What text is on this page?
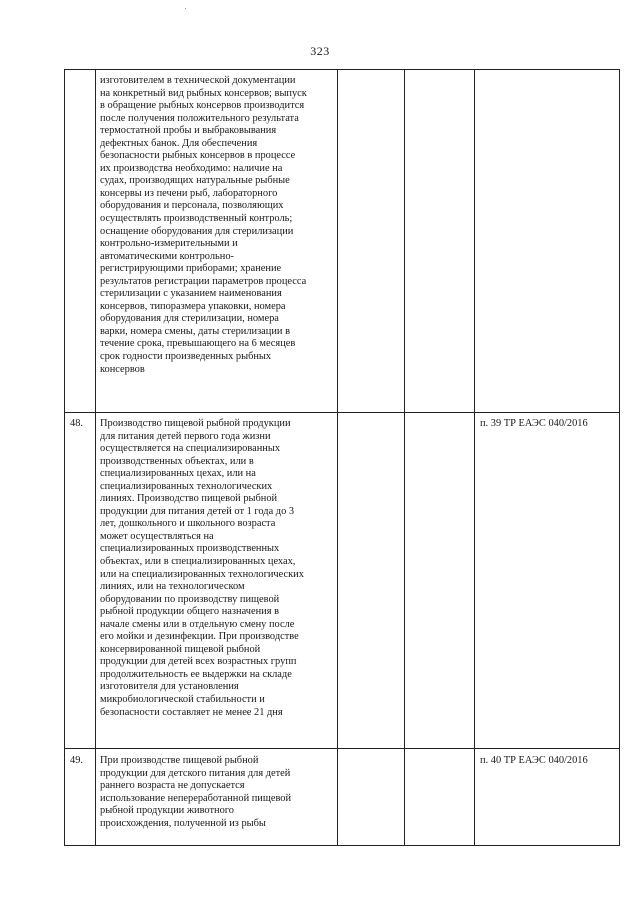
323
изготовителем в технической документации
на конкретный вид рыбных консервов; выпуск
в обращение рыбных консервов производится
после получения положительного результата
термостатной пробы и выбраковывания
дефектных банок. Для обеспечения
безопасности рыбных консервов в процессе
их производства необходимо: наличие на
судах, производящих натуральные рыбные
консервы из печени рыб, лабораторного
оборудования и персонала, позволяющих
осуществлять производственный контроль;
оснащение оборудования для стерилизации
контрольно-измерительными и
автоматическими контрольно-
регистрирующими приборами; хранение
результатов регистрации параметров процесса
стерилизации с указанием наименования
консервов, типоразмера упаковки, номера
оборудования для стерилизации, номера
варки, номера смены, даты стерилизации в
течение срока, превышающего на 6 месяцев
срок годности произведенных рыбных
консервов
48. Производство пищевой рыбной продукции
для питания детей первого года жизни
осуществляется на специализированных
производственных объектах, или в
специализированных цехах, или на
специализированных технологических
линиях. Производство пищевой рыбной
продукции для питания детей от 1 года до 3
лет, дошкольного и школьного возраста
может осуществляться на
специализированных производственных
объектах, или в специализированных цехах,
или на специализированных технологических
линиях, или на технологическом
оборудовании по производству пищевой
рыбной продукции общего назначения в
начале смены или в отдельную смену после
его мойки и дезинфекции. При производстве
консервированной пищевой рыбной
продукции для детей всех возрастных групп
продолжительность ее выдержки на складе
изготовителя для установления
микробиологической стабильности и
безопасности составляет не менее 21 дня
п. 39 ТР ЕАЭС 040/2016
49. При производстве пищевой рыбной
продукции для детского питания для детей
раннего возраста не допускается
использование непереработанной пищевой
рыбной продукции животного
происхождения, полученной из рыбы
п. 40 ТР ЕАЭС 040/2016
